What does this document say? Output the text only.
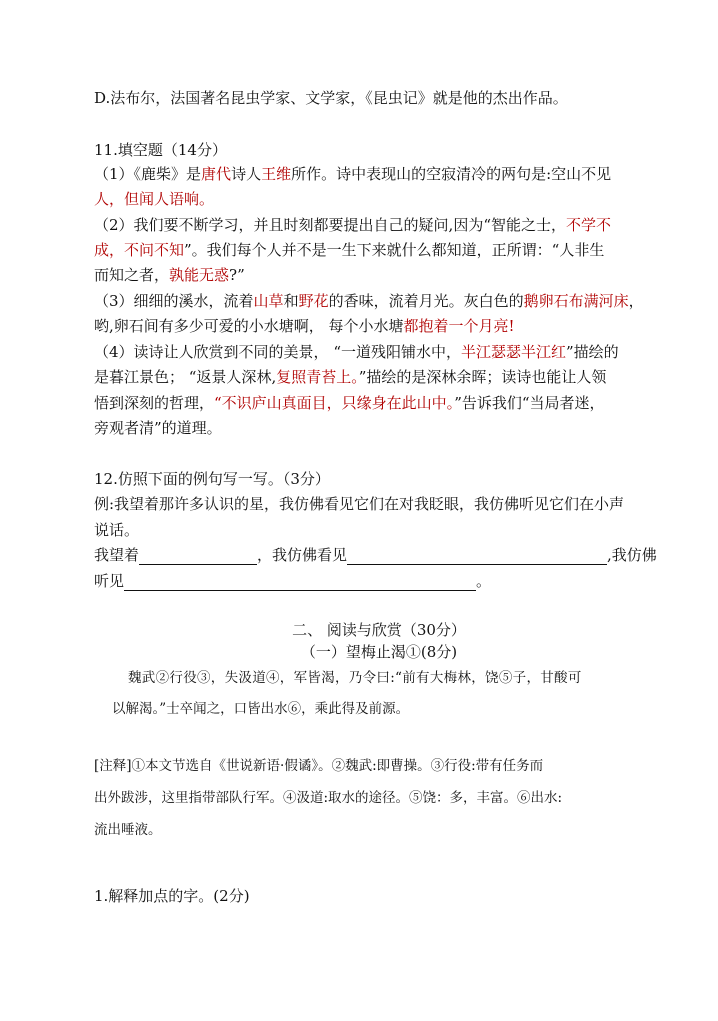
D.法布尔，法国著名昆虫学家、文学家，《昆虫记》就是他的杰出作品。
11.填空题（14分）
（1）《鹿柴》是唐代诗人王维所作。诗中表现山的空寂清冷的两句是:空山不见
人，但闻人语响。
（2）我们要不断学习，并且时刻都要提出自己的疑问,因为“智能之士，不学不
成，不问不知”。我们每个人并不是一生下来就什么都知道，正所谓：“人非生
而知之者，孰能无惑?”
（3）细细的溪水，流着山草和野花的香味，流着月光。灰白色的鹅卵石布满河床，
哟,卵石间有多少可爱的小水塘啊， 每个小水塘都抱着一个月亮!
（4）读诗让人欣赏到不同的美景， “一道残阳铺水中，半江瑟瑟半江红”描绘的
是暮江景色； “返景人深林,复照青苔上。”描绘的是深林余晖；读诗也能让人领
悟到深刻的哲理，“不识庐山真面目，只缘身在此山中。”告诉我们“当局者迷，
旁观者清”的道理。
12.仿照下面的例句写一写。（3分）
例:我望着那许多认识的星，我仿佛看见它们在对我眨眼，我仿佛听见它们在小声
说话。
我望着	，我仿佛看见	,我仿佛
听见	。
二、 阅读与欣赏（30分）
（一）望梅止渴①(8分)
魏武②行役③，失汲道④，军皆渴，乃令曰:“前有大梅林，饶⑤子，甘酸可
以解渴。”士卒闻之，口皆出水⑥，乘此得及前源。
[注释]①本文节选自《世说新语·假谲》。②魏武:即曹操。③行役:带有任务而
出外跋涉，这里指带部队行军。④汲道:取水的途径。⑤饶：多，丰富。⑥出水:
流出唾液。
1.解释加点的字。(2分)
